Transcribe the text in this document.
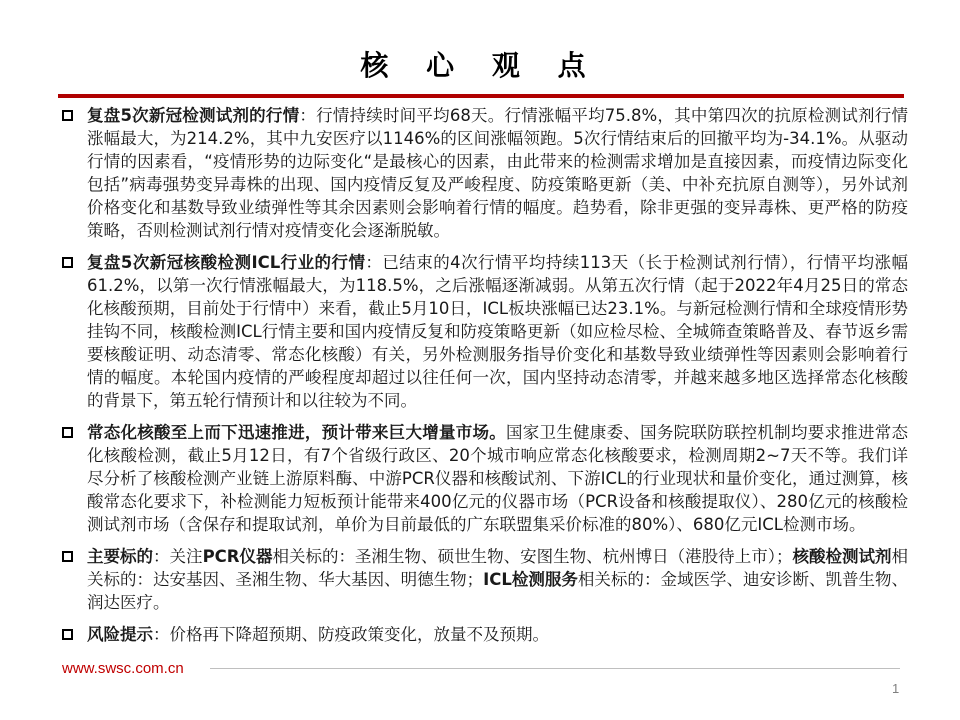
核 心 观 点
复盘5次新冠检测试剂的行情：行情持续时间平均68天。行情涨幅平均75.8%，其中第四次的抗原检测试剂行情涨幅最大，为214.2%，其中九安医疗以1146%的区间涨幅领跑。5次行情结束后的回撤平均为-34.1%。从驱动行情的因素看，“疫情形势的边际变化“是最核心的因素，由此带来的检测需求增加是直接因素，而疫情边际变化包括”病毒强势变异毒株的出现、国内疫情反复及严峻程度、防疫策略更新（美、中补充抗原自测等），另外试剂价格变化和基数导致业绩弹性等其余因素则会影响着行情的幅度。趋势看，除非更强的变异毒株、更严格的防疫策略，否则检测试剂行情对疫情变化会逐渐脱敏。
复盘5次新冠核酸检测ICL行业的行情：已结束的4次行情平均持续113天（长于检测试剂行情），行情平均涨幅61.2%，以第一次行情涨幅最大，为118.5%，之后涨幅逐渐减弱。从第五次行情（起于2022年4月25日的常态化核酸预期，目前处于行情中）来看，截止5月10日，ICL板块涨幅已达23.1%。与新冠检测行情和全球疫情形势挂钩不同，核酸检测ICL行情主要和国内疫情反复和防疫策略更新（如应检尽检、全城筛查策略普及、春节返乡需要核酸证明、动态清零、常态化核酸）有关，另外检测服务指导价变化和基数导致业绩弹性等因素则会影响着行情的幅度。本轮国内疫情的严峻程度却超过以往任何一次，国内坚持动态清零，并越来越多地区选择常态化核酸的背景下，第五轮行情预计和以往较为不同。
常态化核酸至上而下迅速推进，预计带来巨大增量市场。国家卫生健康委、国务院联防联控机制均要求推进常态化核酸检测，截止5月12日，有7个省级行政区、20个城市响应常态化核酸要求，检测周期2~7天不等。我们详尽分析了核酸检测产业链上游原料酶、中游PCR仪器和核酸试剂、下游ICL的行业现状和量价变化，通过测算，核酸常态化要求下，补检测能力短板预计能带来400亿元的仪器市场（PCR设备和核酸提取仪）、280亿元的核酸检测试剂市场（含保存和提取试剂，单价为目前最低的广东联盟集采价标准的80%）、680亿元ICL检测市场。
主要标的：关注PCR仪器相关标的：圣湘生物、硕世生物、安图生物、杭州博日（港股待上市）；核酸检测试剂相关标的：达安基因、圣湘生物、华大基因、明德生物；ICL检测服务相关标的：金域医学、迪安诊断、凯普生物、润达医疗。
风险提示：价格再下降超预期、防疫政策变化，放量不及预期。
www.swsc.com.cn
1
